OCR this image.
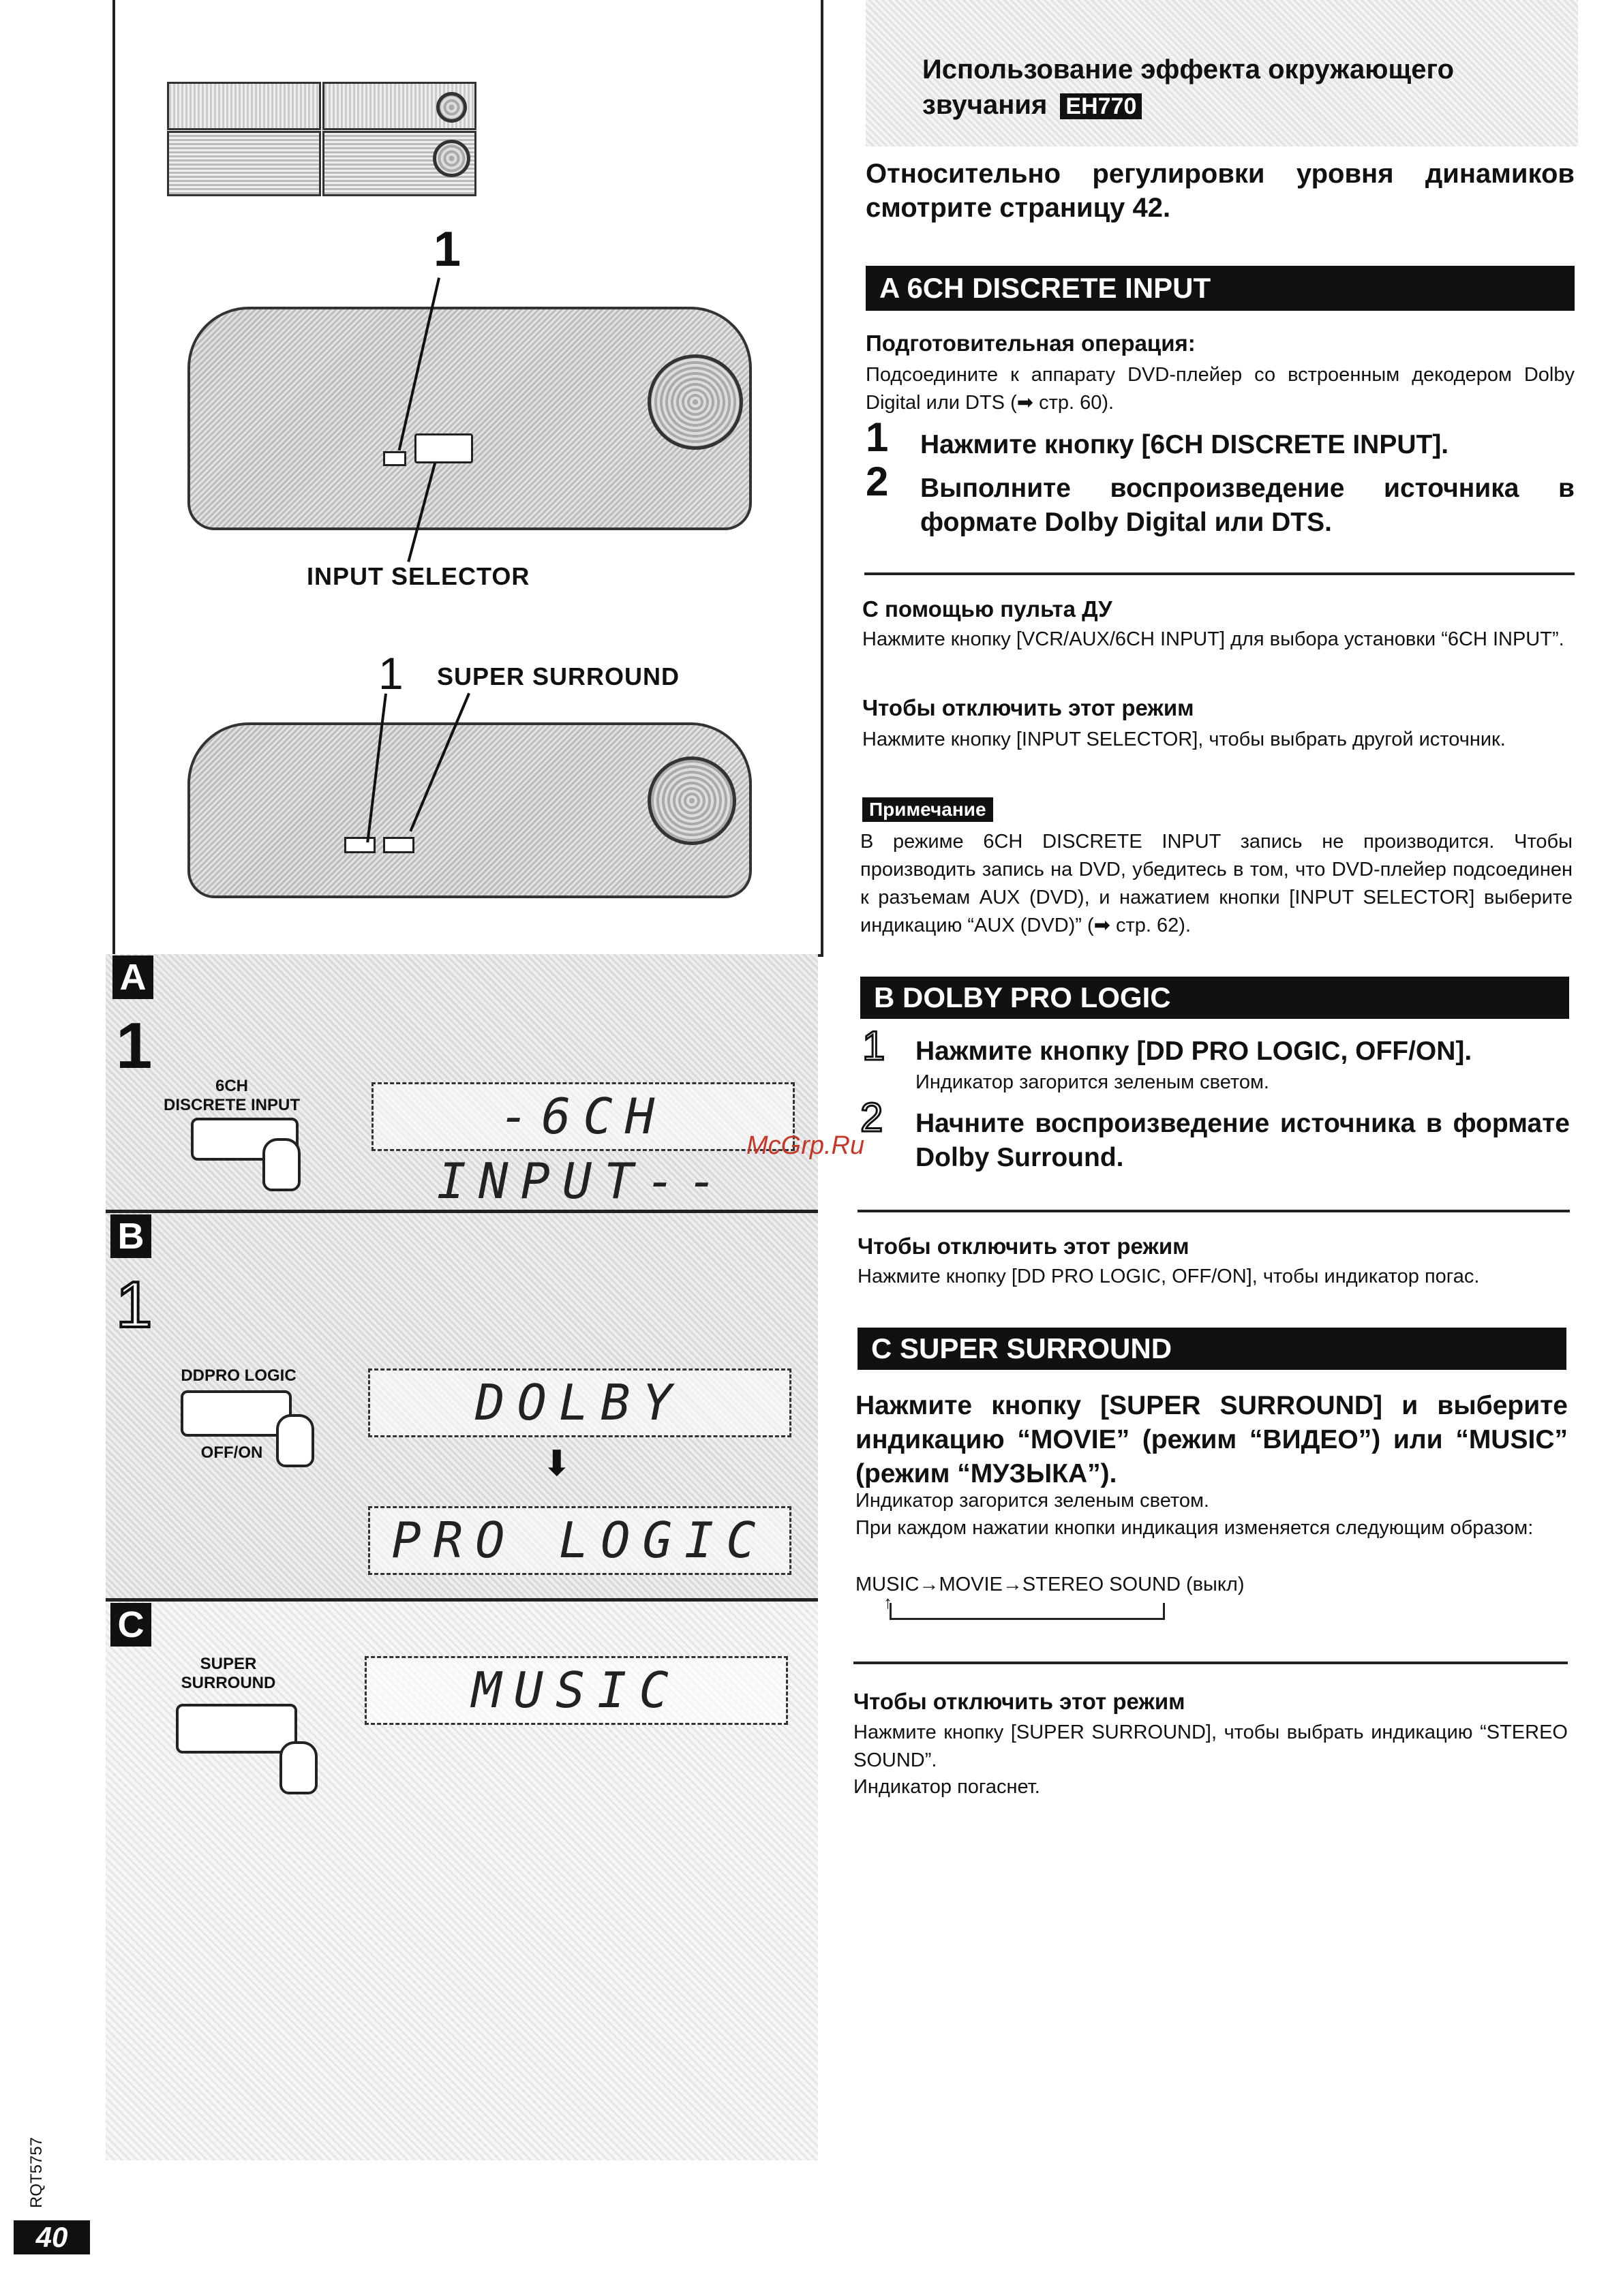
Использование эффекта окружающего
звучания EH770
Относительно регулировки уровня динамиков смотрите страницу 42.
1
INPUT SELECTOR
1 SUPER SURROUND
A
1
6CH
DISCRETE INPUT	-6CH INPUT--
McGrp.Ru
B
1
DDPRO LOGIC
OFF/ON
DOLBY
⬇
PRO LOGIC
C
SUPER
SURROUND	MUSIC
A 6CH DISCRETE INPUT
Подготовительная операция:
Подсоедините к аппарату DVD-плейер со встроенным декодером Dolby Digital или DTS (➡ стр. 60).
1 Нажмите кнопку [6CH DISCRETE INPUT].
2 Выполните воспроизведение источника в формате Dolby Digital или DTS.
С помощью пульта ДУ
Нажмите кнопку [VCR/AUX/6CH INPUT] для выбора установки “6CH INPUT”.
Чтобы отключить этот режим
Нажмите кнопку [INPUT SELECTOR], чтобы выбрать другой источник.
Примечание
В режиме 6CH DISCRETE INPUT запись не производится. Чтобы производить запись на DVD, убедитесь в том, что DVD-плейер подсоединен к разъемам AUX (DVD), и нажатием кнопки [INPUT SELECTOR] выберите индикацию “AUX (DVD)” (➡ стр. 62).
B DOLBY PRO LOGIC
1 Нажмите кнопку [DD PRO LOGIC, OFF/ON].
Индикатор загорится зеленым светом.
2 Начните воспроизведение источника в формате Dolby Surround.
Чтобы отключить этот режим
Нажмите кнопку [DD PRO LOGIC, OFF/ON], чтобы индикатор погас.
C SUPER SURROUND
Нажмите кнопку [SUPER SURROUND] и выберите индикацию “MOVIE” (режим “ВИДЕО”) или “MUSIC” (режим “МУЗЫКА”).
Индикатор загорится зеленым светом.
При каждом нажатии кнопки индикация изменяется следующим образом:
MUSIC→MOVIE→STEREO SOUND (выкл)
↑
Чтобы отключить этот режим
Нажмите кнопку [SUPER SURROUND], чтобы выбрать индикацию “STEREO SOUND”.
Индикатор погаснет.
RQT5757
40
